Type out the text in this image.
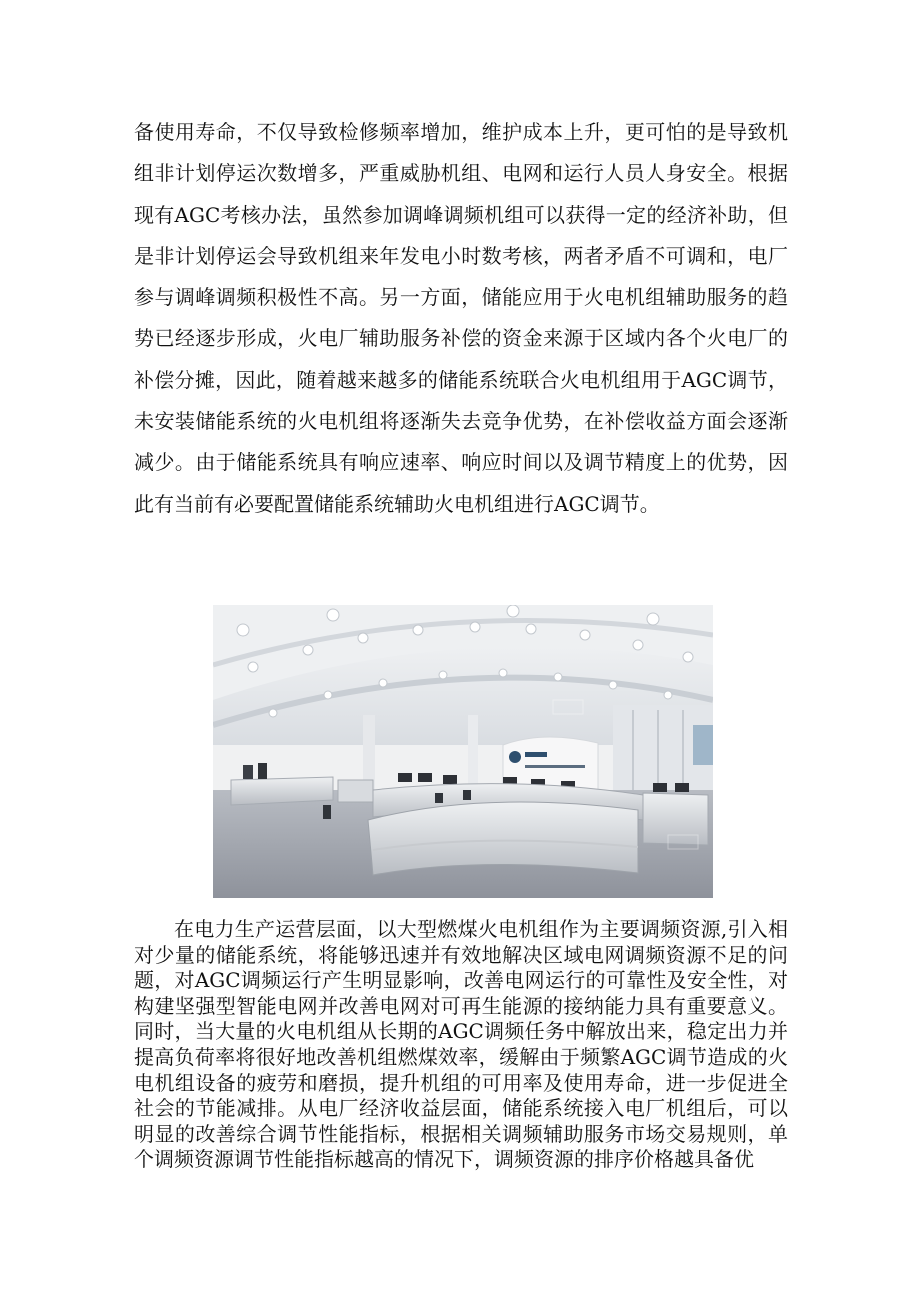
备使用寿命，不仅导致检修频率增加，维护成本上升，更可怕的是导致机组非计划停运次数增多，严重威胁机组、电网和运行人员人身安全。根据现有AGC考核办法，虽然参加调峰调频机组可以获得一定的经济补助，但是非计划停运会导致机组来年发电小时数考核，两者矛盾不可调和，电厂参与调峰调频积极性不高。另一方面，储能应用于火电机组辅助服务的趋势已经逐步形成，火电厂辅助服务补偿的资金来源于区域内各个火电厂的补偿分摊，因此，随着越来越多的储能系统联合火电机组用于AGC调节，未安装储能系统的火电机组将逐渐失去竞争优势，在补偿收益方面会逐渐减少。由于储能系统具有响应速率、响应时间以及调节精度上的优势，因此有当前有必要配置储能系统辅助火电机组进行AGC调节。

在电力生产运营层面，以大型燃煤火电机组作为主要调频资源,引入相对少量的储能系统，将能够迅速并有效地解决区域电网调频资源不足的问题，对AGC调频运行产生明显影响，改善电网运行的可靠性及安全性，对构建坚强型智能电网并改善电网对可再生能源的接纳能力具有重要意义。同时，当大量的火电机组从长期的AGC调频任务中解放出来，稳定出力并提高负荷率将很好地改善机组燃煤效率，缓解由于频繁AGC调节造成的火电机组设备的疲劳和磨损，提升机组的可用率及使用寿命，进一步促进全社会的节能减排。从电厂经济收益层面，储能系统接入电厂机组后，可以明显的改善综合调节性能指标，根据相关调频辅助服务市场交易规则，单个调频资源调节性能指标越高的情况下，调频资源的排序价格越具备优
